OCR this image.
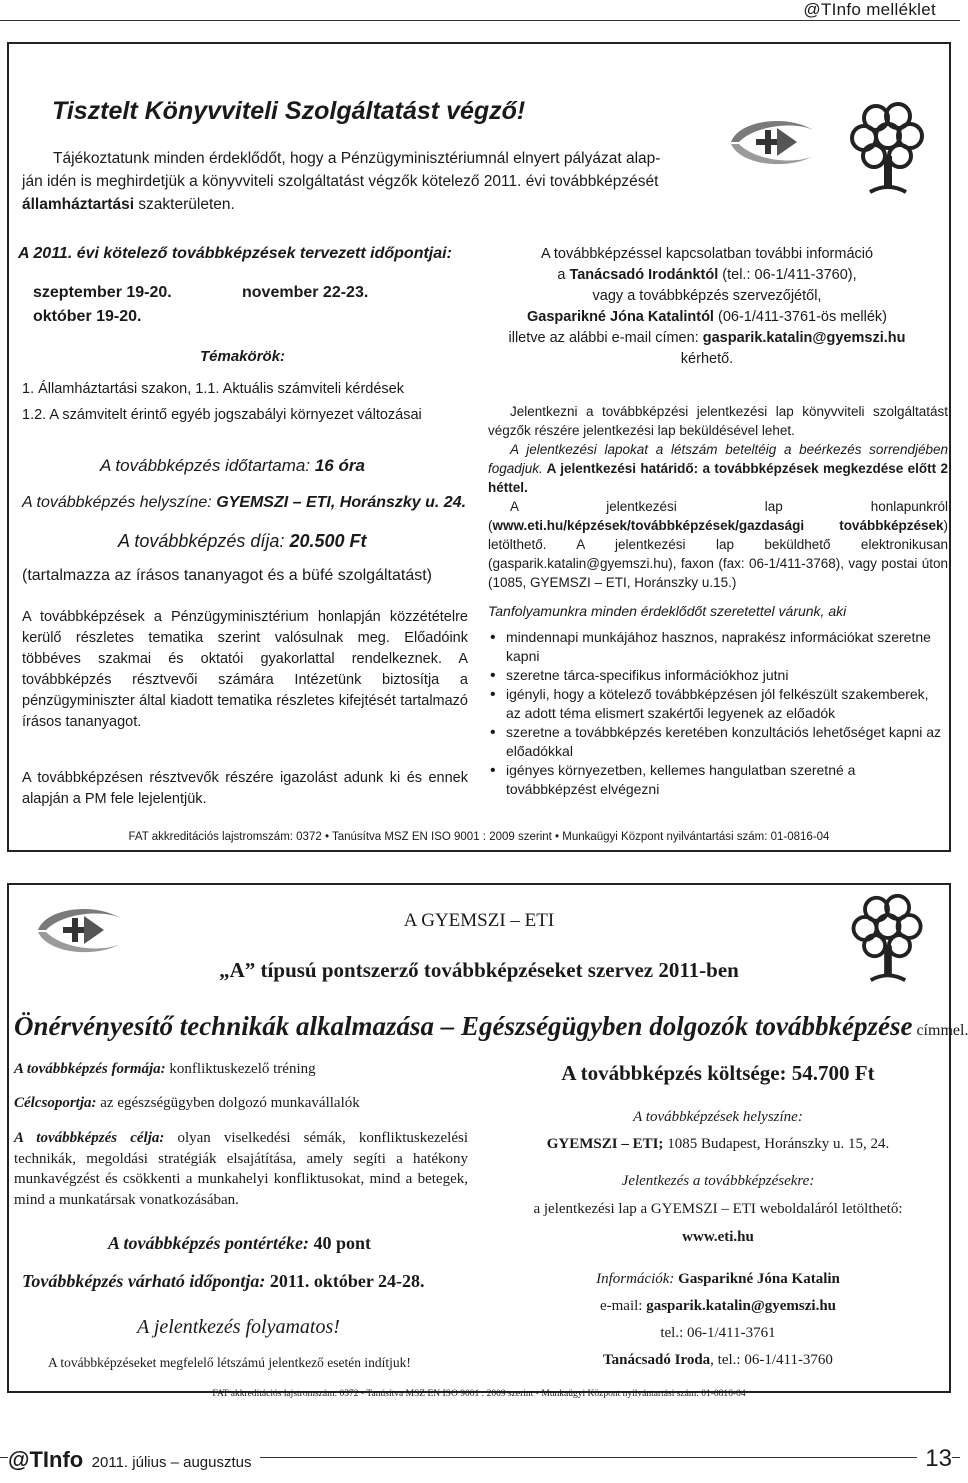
@TInfo melléklet
Tisztelt Könyvviteli Szolgáltatást végző!
Tájékoztatunk minden érdeklődőt, hogy a Pénzügyminisztériumnál elnyert pályázat alap-
ján idén is meghirdetjük a könyvviteli szolgáltatást végzők kötelező 2011. évi továbbképzését
államháztartási szakterületen.
A 2011. évi kötelező továbbképzések tervezett időpontjai:
szeptember 19-20.	november 22-23.
október 19-20.
Témakörök:
1. Államháztartási szakon, 1.1. Aktuális számviteli kérdések
1.2. A számvitelt érintő egyéb jogszabályi környezet változásai
A továbbképzés időtartama: 16 óra
A továbbképzés helyszíne: GYEMSZI – ETI, Horánszky u. 24.
A továbbképzés díja: 20.500 Ft
(tartalmazza az írásos tananyagot és a büfé szolgáltatást)
A továbbképzések a Pénzügyminisztérium honlapján közzétételre kerülő részletes tematika szerint valósulnak meg. Előadóink többéves szakmai és oktatói gyakorlattal rendelkeznek. A továbbképzés résztvevői számára Intézetünk biztosítja a pénzügyminiszter által kiadott tematika részletes kifejtését tartalmazó írásos tananyagot.
A továbbképzésen résztvevők részére igazolást adunk ki és ennek alapján a PM fele lejelentjük.
A továbbképzéssel kapcsolatban további információ
a Tanácsadó Irodánktól (tel.: 06-1/411-3760),
vagy a továbbképzés szervezőjétől,
Gasparikné Jóna Katalintól (06-1/411-3761-ös mellék)
illetve az alábbi e-mail címen: gasparik.katalin@gyemszi.hu
kérhető.
Jelentkezni a továbbképzési jelentkezési lap könyvviteli szolgáltatást végzők részére jelentkezési lap beküldésével lehet.
A jelentkezési lapokat a létszám beteltéig a beérkezés sorrendjében fogadjuk. A jelentkezési határidő: a továbbképzések megkezdése előtt 2 héttel.
A jelentkezési lap honlapunkról (www.eti.hu/képzések/továbbképzések/gazdasági továbbképzések) letölthető. A jelentkezési lap beküldhető elektronikusan (gasparik.katalin@gyemszi.hu), faxon (fax: 06-1/411-3768), vagy postai úton (1085, GYEMSZI – ETI, Horánszky u.15.)
Tanfolyamunkra minden érdeklődőt szeretettel várunk, aki
• mindennapi munkájához hasznos, naprakész információkat szeretne kapni
• szeretne tárca-specifikus információkhoz jutni
• igényli, hogy a kötelező továbbképzésen jól felkészült szakemberek, az adott téma elismert szakértői legyenek az előadók
• szeretne a továbbképzés keretében konzultációs lehetőséget kapni az előadókkal
• igényes környezetben, kellemes hangulatban szeretné a továbbképzést elvégezni
FAT akkreditációs lajstromszám: 0372 • Tanúsítva MSZ EN ISO 9001 : 2009 szerint • Munkaügyi Központ nyilvántartási szám: 01-0816-04
A GYEMSZI – ETI
„A” típusú pontszerző továbbképzéseket szervez 2011-ben
Önérvényesítő technikák alkalmazása – Egészségügyben dolgozók továbbképzése címmel.
A továbbképzés formája: konfliktuskezelő tréning
Célcsoportja: az egészségügyben dolgozó munkavállalók
A továbbképzés célja: olyan viselkedési sémák, konfliktuskezelési technikák, megoldási stratégiák elsajátítása, amely segíti a hatékony munkavégzést és csökkenti a munkahelyi konfliktusokat, mind a betegek, mind a munkatársak vonatkozásában.
A továbbképzés pontértéke: 40 pont
Továbbképzés várható időpontja: 2011. október 24-28.
A jelentkezés folyamatos!
A továbbképzéseket megfelelő létszámú jelentkező esetén indítjuk!
A továbbképzés költsége: 54.700 Ft
A továbbképzések helyszíne:
GYEMSZI – ETI; 1085 Budapest, Horánszky u. 15, 24.
Jelentkezés a továbbképzésekre:
a jelentkezési lap a GYEMSZI – ETI weboldaláról letölthető:
www.eti.hu
Információk: Gasparikné Jóna Katalin
e-mail: gasparik.katalin@gyemszi.hu
tel.: 06-1/411-3761
Tanácsadó Iroda, tel.: 06-1/411-3760
FAT akkreditációs lajstromszám: 0372 • Tanúsítva MSZ EN ISO 9001 : 2009 szerint • Munkaügyi Központ nyilvántartási szám: 01-0816-04
@TInfo 2011. július – augusztus	13
